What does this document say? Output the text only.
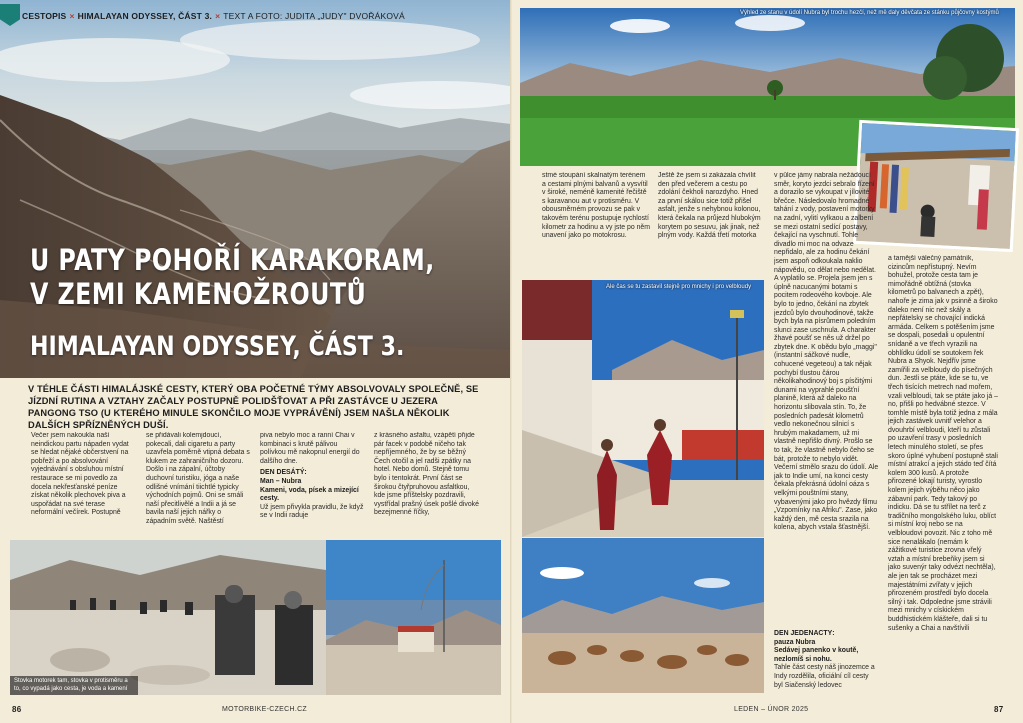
CESTOPIS × HIMALAYAN ODYSSEY, ČÁST 3. × TEXT A FOTO: JUDITA „JUDY" DVOŘÁKOVÁ
U PATY POHOŘÍ KARAKORAM,
V ZEMI KAMENOŽROUTŮ
HIMALAYAN ODYSSEY, ČÁST 3.
V TÉHLE ČÁSTI HIMALÁJSKÉ CESTY, KTERÝ OBA POČETNÉ TÝMY ABSOLVOVALY SPOLEČNĚ, SE JÍZDNÍ RUTINA A VZTAHY ZAČALY POSTUPNĚ POLIDŠŤOVAT A PŘI ZASTÁVCE U JEZERA PANGONG TSO (U KTERÉHO MINULE SKONČILO MOJE VYPRÁVĚNÍ) JSEM NAŠLA NĚKOLIK DALŠÍCH SPŘÍZNĚNÝCH DUŠÍ.

Večer jsem nakoukla naší neindickou partu nápaden vydat se hledat nějaké občerstvení na pobřeží a po absolvování vyjednávání s obsluhou místní restaurace se mi povedlo za docela nekřesťanské peníze získat několik plechovek piva a uspořádat na své terase neformální večírek. Postupně

se přidávali kolemjdoucí, pokecali, dali cigaretu a party uzavřela poměrně vtipná debata s klukem ze zahraničního dozoru. Došlo i na zápalní, účtoby duchovní turistiku, jóga a naše odlišné vnímání tiichtlé typicky východních pojmů. Oni se smáli naší přecitlivělé a Indii a já se bavila naší jejich nářky o západním světě. Naštěstí

piva nebylo moc a ranní Chai v kombinaci s krutě pálivou polívkou mě nakopnul energií do dalšího dne.

DEN DESÁTÝ:

Man – Nubra

Kameni, voda, písek a mizející cesty.

Už jsem přivykla pravidlu, že když se v Indii raduje

z krásného asfaltu, vzápětí přijde pár facek v podobě ničeho tak nepříjemného, že by se běžný Čech otočil a jel radši zpátky na hotel. Nebo domů. Stejně tomu bylo i tentokrát. První část se širokou čtyřpruhovou asfaltkou, kde jsme příštelsky pozdravili, vystřídal prašný úsek pošlé divoké bezejmenné říčky,

Stovka motorek tam, stovka v protisměru a to, co vypadá jako cesta, je voda a kamení
86	MOTORBIKE-CZECH.CZ
Výhled ze stanu v údolí Nubra byl trochu hezčí, než mě daly děvčata ze stánku půjčovny kostýmů

stmé stoupání skalnatým terénem a cestami plnými balvanů a vysvítil v široké, neméně kamenité řečiště s karavanou aut v protisměru. V obousměrném provozu se pak v takovém terénu postupuje rychlostí kilometr za hodinu a vy jste po něm unavení jako po motokrosu.

Ještě že jsem si zakázala chvílit den před večerem a cestu po zdolání čekholi narozdyho. Hned za první skálou sice totiž přišel asfalt, jenže s nehybnou kolonou, která čekala na průjezd hlubokým korytem po sesuvu, jak jinak, než plným vody. Každá třetí motorka

v půlce jámy nabrala nežádoucí směr, koryto jezdci sebralo řízení a dorazilo se vykoupat v jílovité břečce. Následovalo hromadné tahání z vody, postavení motorky na zadní, vylití vylkaou a zalbení se mezi ostatní sedící postavy, čekající na vyschnutí. Tohle divadlo mi moc na odvaze nepřidalo, ale za hodinu čekání jsem aspoň odkoukala naklio nápovědu, co dělat nebo nedělat. A vyplatilo se. Projela jsem jen s úplně nacucanými botami s pocitem rodeového kovboje. Ale bylo to jedno, čekání na zbytek jezdců bylo dvouhodinové, takže bych byla na písrůmem poledním slunci zase uschnula. A charakter žhavé poušť se něs už držel po zbytek dne. K obědu bylo „maggi" (instantní sáčkové nudle, cohucené vegeteou) a tak nějak pochybí tlustou čárou několikahodinový boj s písčitými dunami na vyprahlé poušťní planině, která až daleko na horizontu slibovala stín. To, že posledních padesát kilometrů vedlo nekonečnou silnicí s hrubým makadamem, už mi vlastně nepřišlo divný. Prošlo se to tak, že vlastně nebylo čeho se bát, protože to nebylo vidět. Večerní stmělo srazu do údolí. Ale jak to Indie umí, na konci cesty čekala překrásná údolní oáza s velkými pouštními stany, vybavenými jako pro hvězdy filmu „Vzpomínky na Afriku". Zase, jako každý den, mě cesta srazila na kolena, abych vstala šťastnější.

a tamější válečný památník, cizincům nepřístupný. Nevím bohužel, protože cesta tam je mimořádně obtížná (stovka kilometrů po balvanech a zpět), nahoře je zima jak v psinně a široko daleko není nic než skály a nepřátelsky se chovající indická armáda. Celkem s potěšením jsme se dospali, posedali u opulentní snídaně a ve třech vyrazili na obhlídku údolí se soutokem řek Nubra a Shyok. Nejdřív jsme zamířili za velbloudy do písečných dun. Jestli se ptáte, kde se tu, ve třech tisících metrech nad mořem, vzali velbloudi, tak se ptáte jako já – no, přišli po hedvábné stezce. V tomhle místě byla totiž jedna z mála jejich zastávek uvnitř velehor a dvouhrbí velbloudi, kteří tu zůstali po uzavření trasy v posledních letech minulého století, se přes skoro úplné vyhubení postupně stali místní atrakcí a jejich stádo teď čítá kolem 300 kusů. A protože přirozené lokají turisty, vyrostlo kolem jejich výběhu něco jako zábavní park. Tedy takový po indicku. Dá se tu střílet na terč z tradičního mongolského luku, oblíct si místní kroj nebo se na velbloudovi povozit. Nic z toho mě sice nenalákalo (nemám k zážitkové turistice zrovna vřelý vztah a místní brebeňky jsem si jako suvenýr taky odvézt nechtěla), ale jen tak se procházet mezi majestátními zvířaty v jejich přirozeném prostředí bylo docela silný i tak. Odpoledne jsme strávili mezi mnichy v cískickém buddhistickém klášteře, dali si tu sušenky a Chai a navštívili

Ale čas se tu zastavil stejně pro mnichy i pro velbloudy

DEN JEDENÁCTÝ:

pauza Nubra

Sedávej panenko v koutě, nezlomíš si nohu.

Tahle část cesty náš jinozemce a Indy rozdělila, oficiální cíl cesty byl Siačenský ledovec

LEDEN – ÚNOR 2025	87
